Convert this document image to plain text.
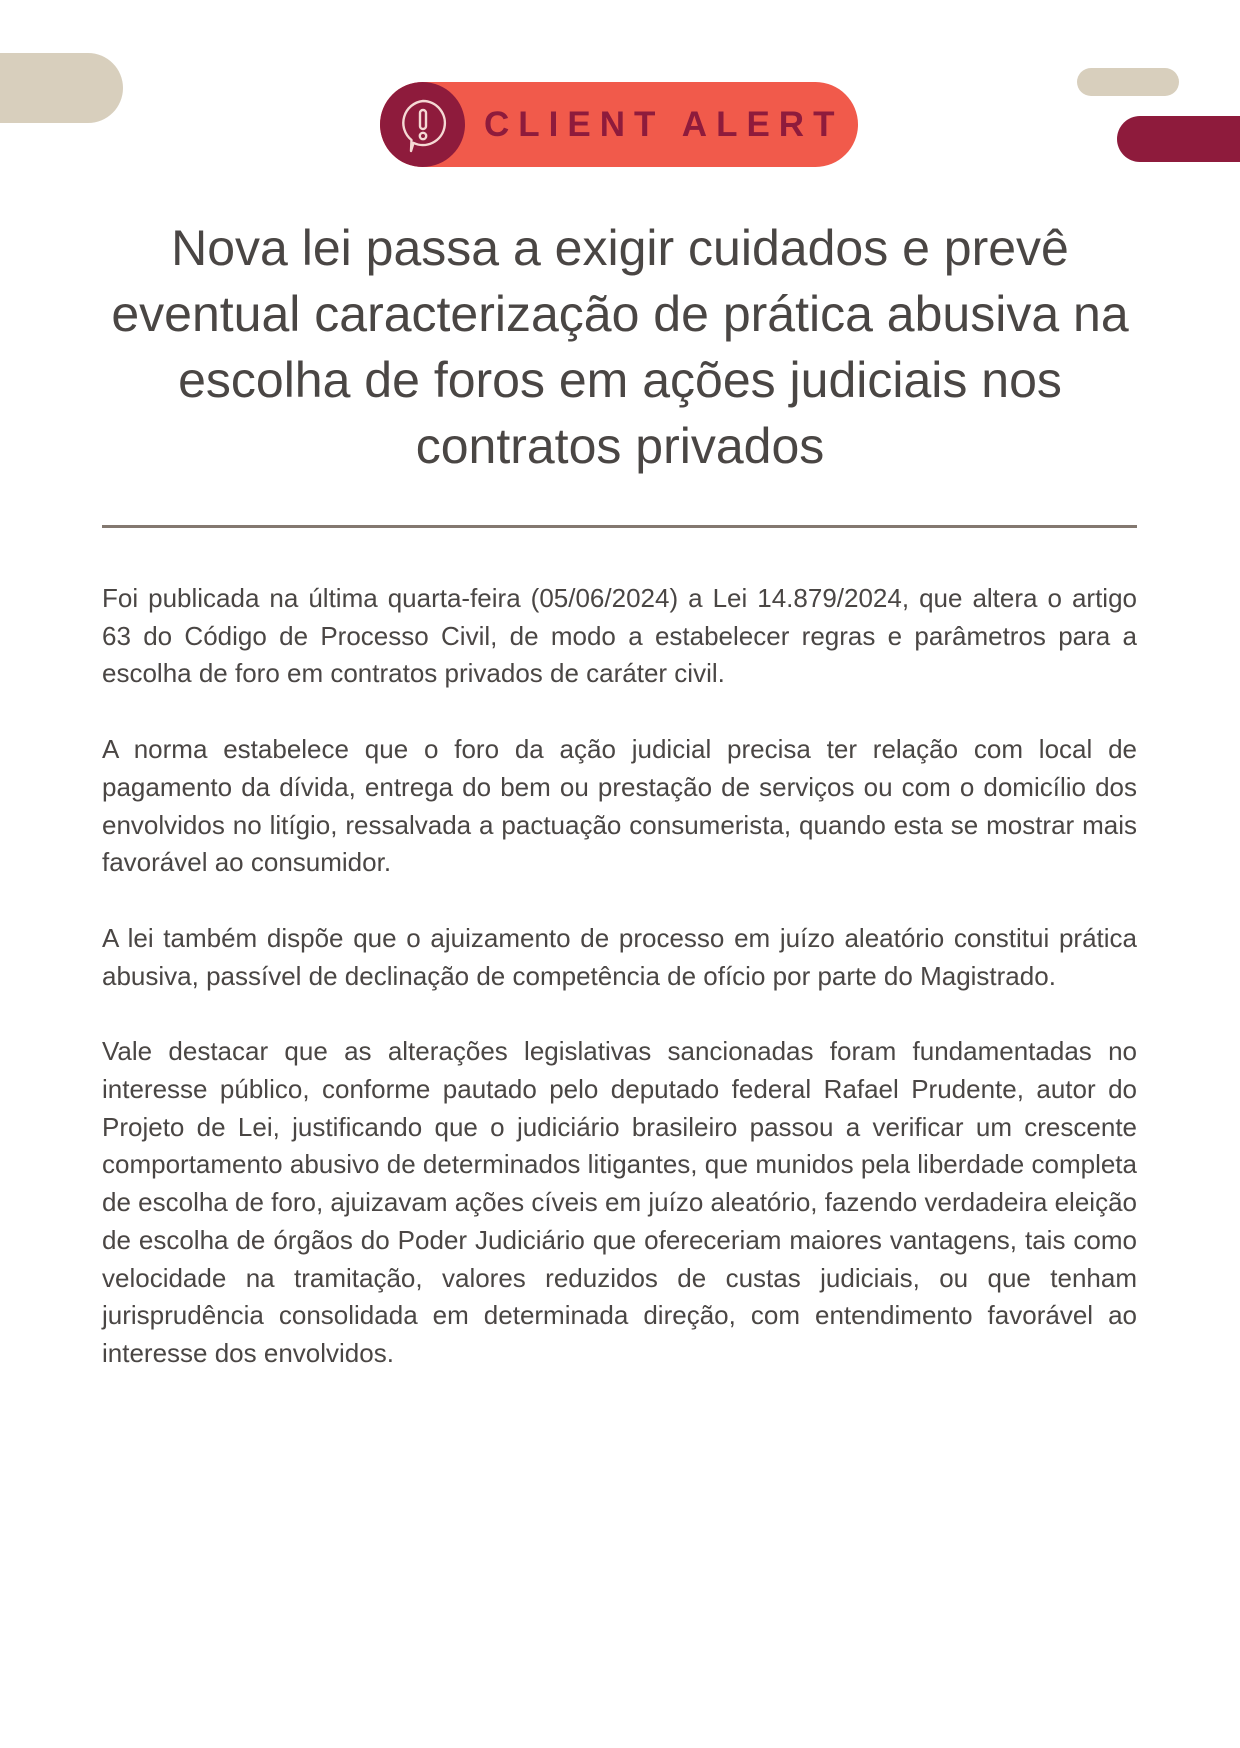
CLIENT ALERT
Nova lei passa a exigir cuidados e prevê eventual caracterização de prática abusiva na escolha de foros em ações judiciais nos contratos privados

Foi publicada na última quarta-feira (05/06/2024) a Lei 14.879/2024, que altera o artigo 63 do Código de Processo Civil, de modo a estabelecer regras e parâmetros para a escolha de foro em contratos privados de caráter civil.

A norma estabelece que o foro da ação judicial precisa ter relação com local de pagamento da dívida, entrega do bem ou prestação de serviços ou com o domicílio dos envolvidos no litígio, ressalvada a pactuação consumerista, quando esta se mostrar mais favorável ao consumidor.

A lei também dispõe que o ajuizamento de processo em juízo aleatório constitui prática abusiva, passível de declinação de competência de ofício por parte do Magistrado.

Vale destacar que as alterações legislativas sancionadas foram fundamentadas no interesse público, conforme pautado pelo deputado federal Rafael Prudente, autor do Projeto de Lei, justificando que o judiciário brasileiro passou a verificar um crescente comportamento abusivo de determinados litigantes, que munidos pela liberdade completa de escolha de foro, ajuizavam ações cíveis em juízo aleatório, fazendo verdadeira eleição de escolha de órgãos do Poder Judiciário que ofereceriam maiores vantagens, tais como velocidade na tramitação, valores reduzidos de custas judiciais, ou que tenham jurisprudência consolidada em determinada direção, com entendimento favorável ao interesse dos envolvidos.
